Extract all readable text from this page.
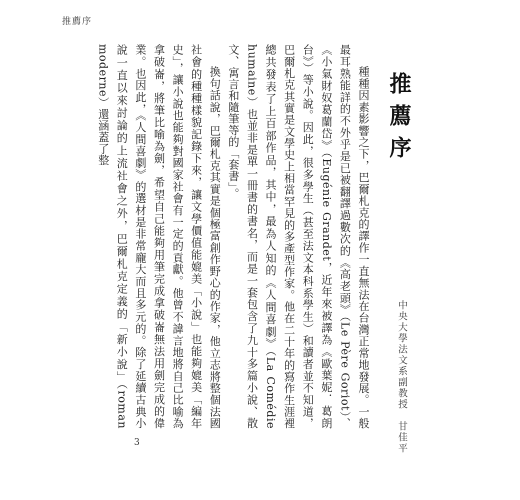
推薦序
推薦序
中央大學法文系副教授　甘佳平

種種因素影響之下，巴爾札克的譯作一直無法在台灣正常地發展。一般最耳熟能詳的不外乎是已被翻譯過數次的《高老頭》（Le Père Goriot）、《小氣財奴葛蘭岱》（Eugénie Grandet，近年來被譯為《歐葉妮．葛朗台》）等小說。因此，很多學生（甚至法文本科系學生）和讀者並不知道，巴爾札克其實是文學史上相當罕見的多產型作家。他在二十年的寫作生涯裡總共發表了上百部作品，其中，最為人知的《人間喜劇》（La Comédie humaine）也並非是單一冊書的書名，而是一套包含了九十多篇小說、散文、寓言和隨筆等的「套書」。

換句話說，巴爾札克其實是個極富創作野心的作家，他立志將整個法國社會的種種樣貌記錄下來，讓文學價值能媲美「小說」也能夠媲美「編年史」，讓小說也能夠對國家社會有一定的貢獻。他曾不諱言地將自己比喻為拿破崙，將筆比喻為劍，希望自己能夠用筆完成拿破崙無法用劍完成的偉業。也因此，《人間喜劇》的選材是非常龐大而且多元的。除了延續古典小說一直以來討論的上流社會之外，巴爾札克定義的「新小說」（roman moderne）還涵蓋了整

3
